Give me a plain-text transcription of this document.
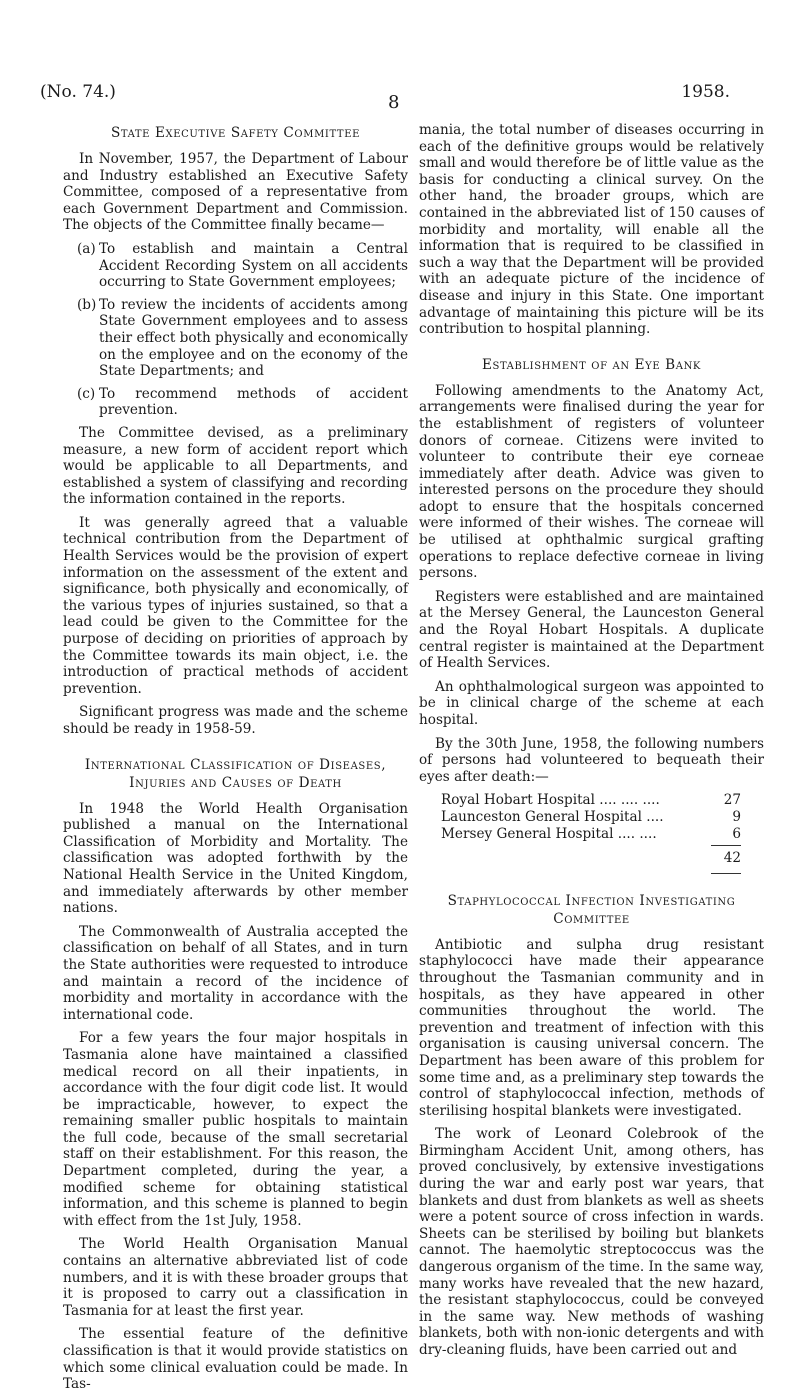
(No. 74.)	8	1958.
State Executive Safety Committee

In November, 1957, the Department of Labour and Industry established an Executive Safety Committee, composed of a representative from each Government Department and Commission. The objects of the Committee finally became—

(a) To establish and maintain a Central Accident Recording System on all accidents occurring to State Government employees;
(b) To review the incidents of accidents among State Government employees and to assess their effect both physically and economically on the employee and on the economy of the State Departments; and
(c) To recommend methods of accident prevention.

The Committee devised, as a preliminary measure, a new form of accident report which would be applicable to all Departments, and established a system of classifying and recording the information contained in the reports.

It was generally agreed that a valuable technical contribution from the Department of Health Services would be the provision of expert information on the assessment of the extent and significance, both physically and economically, of the various types of injuries sustained, so that a lead could be given to the Committee for the purpose of deciding on priorities of approach by the Committee towards its main object, i.e. the introduction of practical methods of accident prevention.

Significant progress was made and the scheme should be ready in 1958-59.

International Classification of Diseases, Injuries and Causes of Death

In 1948 the World Health Organisation published a manual on the International Classification of Morbidity and Mortality. The classification was adopted forthwith by the National Health Service in the United Kingdom, and immediately afterwards by other member nations.

The Commonwealth of Australia accepted the classification on behalf of all States, and in turn the State authorities were requested to introduce and maintain a record of the incidence of morbidity and mortality in accordance with the international code.

For a few years the four major hospitals in Tasmania alone have maintained a classified medical record on all their inpatients, in accordance with the four digit code list. It would be impracticable, however, to expect the remaining smaller public hospitals to maintain the full code, because of the small secretarial staff on their establishment. For this reason, the Department completed, during the year, a modified scheme for obtaining statistical information, and this scheme is planned to begin with effect from the 1st July, 1958.

The World Health Organisation Manual contains an alternative abbreviated list of code numbers, and it is with these broader groups that it is proposed to carry out a classification in Tasmania for at least the first year.

The essential feature of the definitive classification is that it would provide statistics on which some clinical evaluation could be made. In Tas-

mania, the total number of diseases occurring in each of the definitive groups would be relatively small and would therefore be of little value as the basis for conducting a clinical survey. On the other hand, the broader groups, which are contained in the abbreviated list of 150 causes of morbidity and mortality, will enable all the information that is required to be classified in such a way that the Department will be provided with an adequate picture of the incidence of disease and injury in this State. One important advantage of maintaining this picture will be its contribution to hospital planning.

Establishment of an Eye Bank

Following amendments to the Anatomy Act, arrangements were finalised during the year for the establishment of registers of volunteer donors of corneae. Citizens were invited to volunteer to contribute their eye corneae immediately after death. Advice was given to interested persons on the procedure they should adopt to ensure that the hospitals concerned were informed of their wishes. The corneae will be utilised at ophthalmic surgical grafting operations to replace defective corneae in living persons.

Registers were established and are maintained at the Mersey General, the Launceston General and the Royal Hobart Hospitals. A duplicate central register is maintained at the Department of Health Services.

An ophthalmological surgeon was appointed to be in clinical charge of the scheme at each hospital.

By the 30th June, 1958, the following numbers of persons had volunteered to bequeath their eyes after death:—

Royal Hobart Hospital .... .... ....	27
Launceston General Hospital ....	9
Mersey General Hospital .... ....	6
42
Staphylococcal Infection Investigating Committee

Antibiotic and sulpha drug resistant staphylococci have made their appearance throughout the Tasmanian community and in hospitals, as they have appeared in other communities throughout the world. The prevention and treatment of infection with this organisation is causing universal concern. The Department has been aware of this problem for some time and, as a preliminary step towards the control of staphylococcal infection, methods of sterilising hospital blankets were investigated.

The work of Leonard Colebrook of the Birmingham Accident Unit, among others, has proved conclusively, by extensive investigations during the war and early post war years, that blankets and dust from blankets as well as sheets were a potent source of cross infection in wards. Sheets can be sterilised by boiling but blankets cannot. The haemolytic streptococcus was the dangerous organism of the time. In the same way, many works have revealed that the new hazard, the resistant staphylococcus, could be conveyed in the same way. New methods of washing blankets, both with non-ionic detergents and with dry-cleaning fluids, have been carried out and
